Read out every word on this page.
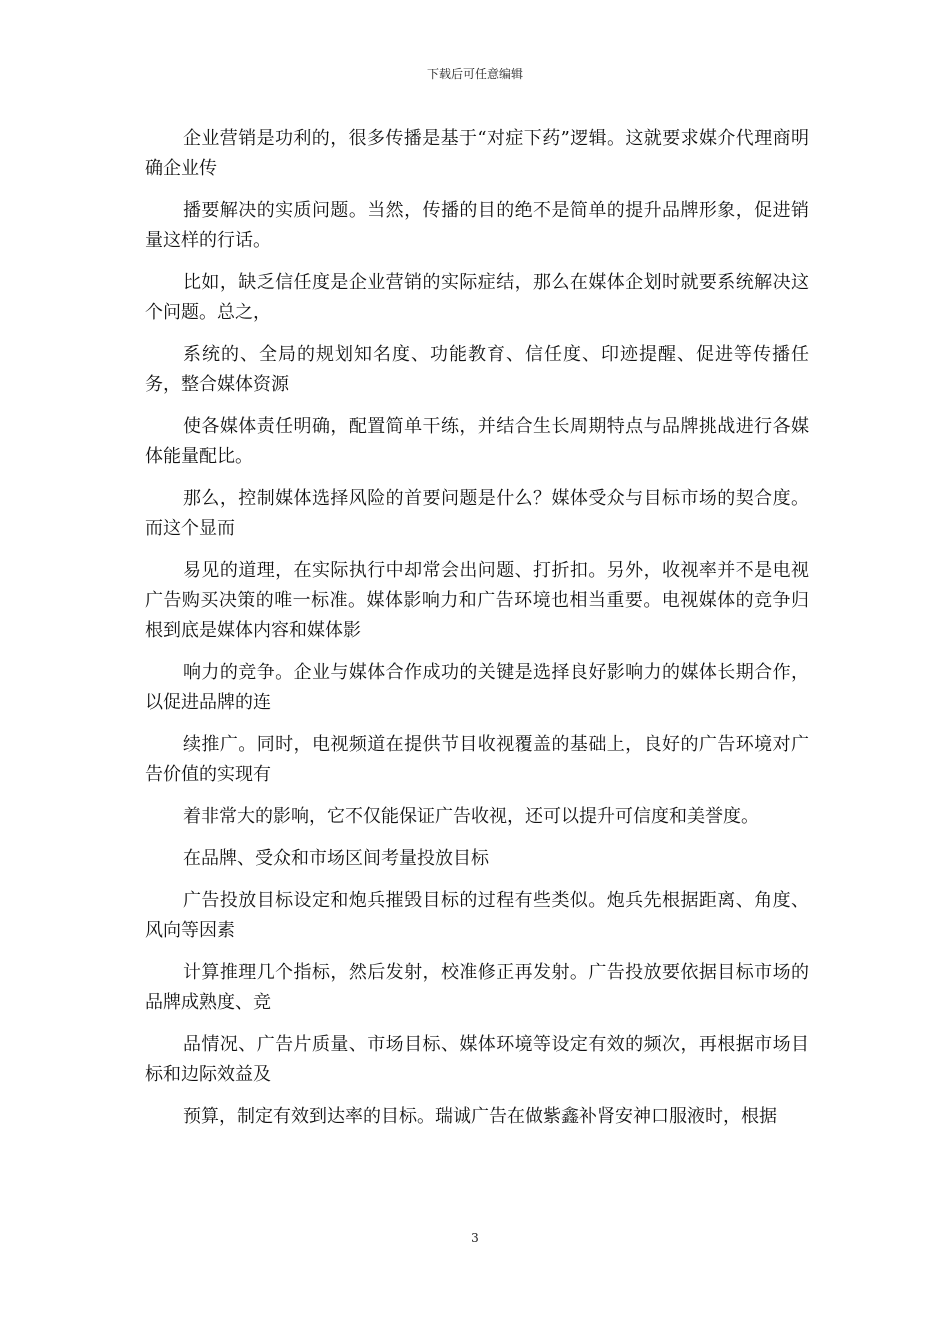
下载后可任意编辑

企业营销是功利的，很多传播是基于“对症下药”逻辑。这就要求媒介代理商明确企业传

播要解决的实质问题。当然，传播的目的绝不是简单的提升品牌形象，促进销量这样的行话。

比如，缺乏信任度是企业营销的实际症结，那么在媒体企划时就要系统解决这个问题。总之，

系统的、全局的规划知名度、功能教育、信任度、印迹提醒、促进等传播任务，整合媒体资源

使各媒体责任明确，配置简单干练，并结合生长周期特点与品牌挑战进行各媒体能量配比。

那么，控制媒体选择风险的首要问题是什么？媒体受众与目标市场的契合度。而这个显而

易见的道理，在实际执行中却常会出问题、打折扣。另外，收视率并不是电视广告购买决策的唯一标准。媒体影响力和广告环境也相当重要。电视媒体的竞争归根到底是媒体内容和媒体影

响力的竞争。企业与媒体合作成功的关键是选择良好影响力的媒体长期合作，以促进品牌的连

续推广。同时，电视频道在提供节目收视覆盖的基础上，良好的广告环境对广告价值的实现有

着非常大的影响，它不仅能保证广告收视，还可以提升可信度和美誉度。

在品牌、受众和市场区间考量投放目标

广告投放目标设定和炮兵摧毁目标的过程有些类似。炮兵先根据距离、角度、风向等因素

计算推理几个指标，然后发射，校准修正再发射。广告投放要依据目标市场的品牌成熟度、竞

品情况、广告片质量、市场目标、媒体环境等设定有效的频次，再根据市场目标和边际效益及

预算，制定有效到达率的目标。瑞诚广告在做紫鑫补肾安神口服液时，根据

3
